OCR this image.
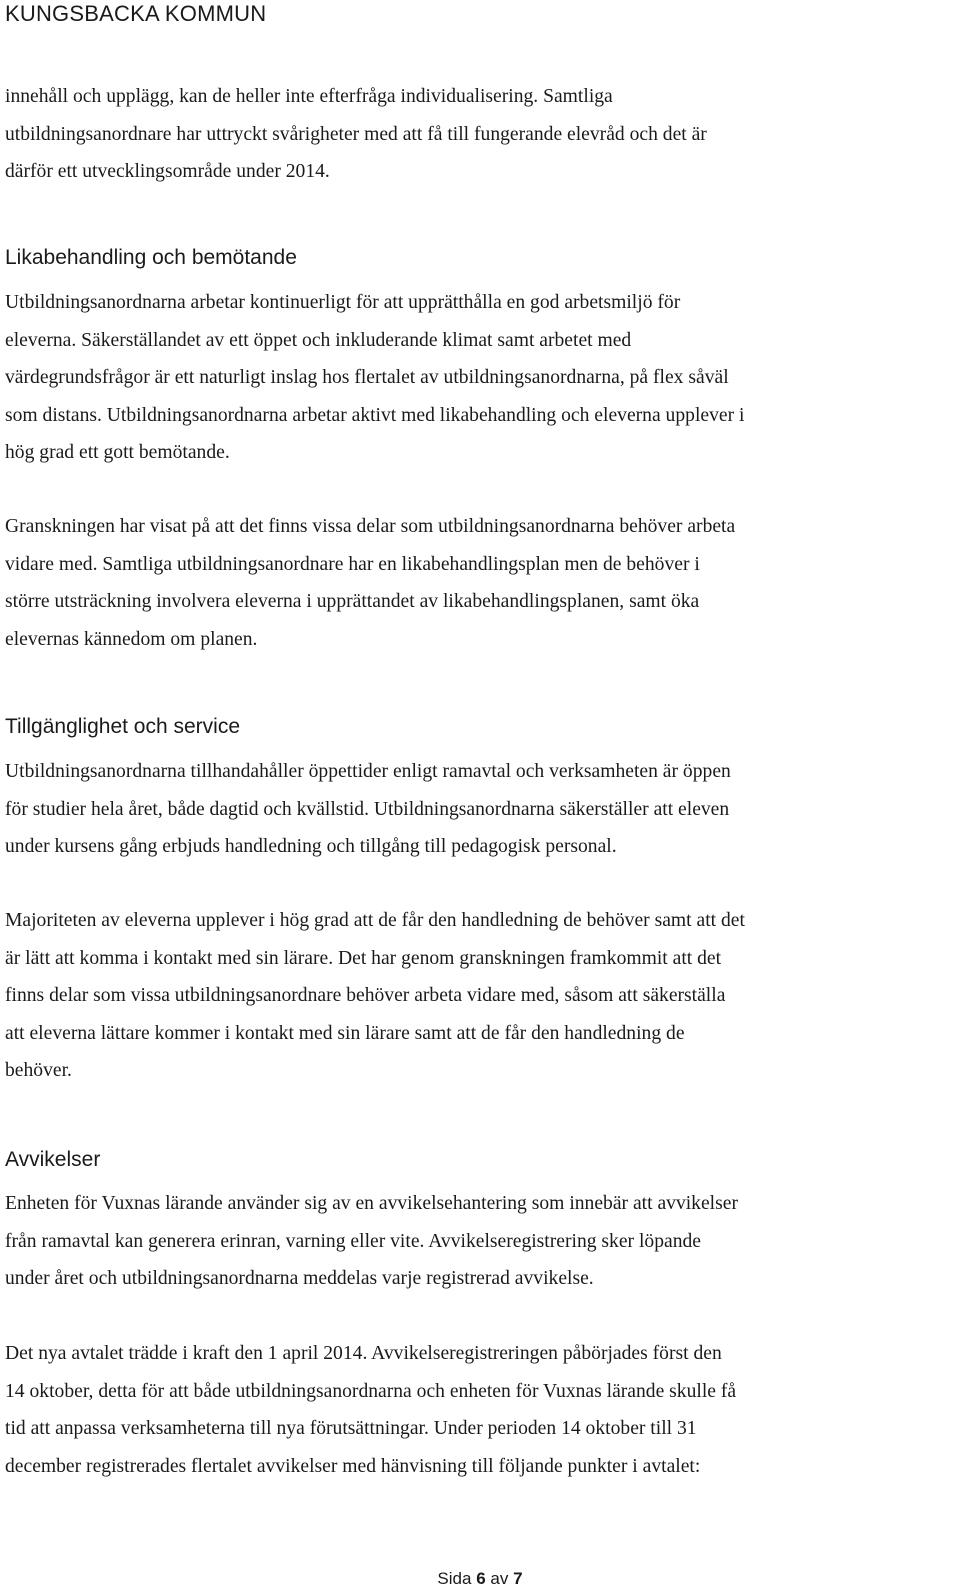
KUNGSBACKA KOMMUN
innehåll och upplägg, kan de heller inte efterfråga individualisering. Samtliga
utbildningsanordnare har uttryckt svårigheter med att få till fungerande elevråd och det är
därför ett utvecklingsområde under 2014.
Likabehandling och bemötande
Utbildningsanordnarna arbetar kontinuerligt för att upprätthålla en god arbetsmiljö för
eleverna. Säkerställandet av ett öppet och inkluderande klimat samt arbetet med
värdegrundsfrågor är ett naturligt inslag hos flertalet av utbildningsanordnarna, på flex såväl
som distans. Utbildningsanordnarna arbetar aktivt med likabehandling och eleverna upplever i
hög grad ett gott bemötande.
Granskningen har visat på att det finns vissa delar som utbildningsanordnarna behöver arbeta
vidare med. Samtliga utbildningsanordnare har en likabehandlingsplan men de behöver i
större utsträckning involvera eleverna i upprättandet av likabehandlingsplanen, samt öka
elevernas kännedom om planen.
Tillgänglighet och service
Utbildningsanordnarna tillhandahåller öppettider enligt ramavtal och verksamheten är öppen
för studier hela året, både dagtid och kvällstid. Utbildningsanordnarna säkerställer att eleven
under kursens gång erbjuds handledning och tillgång till pedagogisk personal.
Majoriteten av eleverna upplever i hög grad att de får den handledning de behöver samt att det
är lätt att komma i kontakt med sin lärare. Det har genom granskningen framkommit att det
finns delar som vissa utbildningsanordnare behöver arbeta vidare med, såsom att säkerställa
att eleverna lättare kommer i kontakt med sin lärare samt att de får den handledning de
behöver.
Avvikelser
Enheten för Vuxnas lärande använder sig av en avvikelsehantering som innebär att avvikelser
från ramavtal kan generera erinran, varning eller vite. Avvikelseregistrering sker löpande
under året och utbildningsanordnarna meddelas varje registrerad avvikelse.
Det nya avtalet trädde i kraft den 1 april 2014. Avvikelseregistreringen påbörjades först den
14 oktober, detta för att både utbildningsanordnarna och enheten för Vuxnas lärande skulle få
tid att anpassa verksamheterna till nya förutsättningar. Under perioden 14 oktober till 31
december registrerades flertalet avvikelser med hänvisning till följande punkter i avtalet:
Sida 6 av 7
